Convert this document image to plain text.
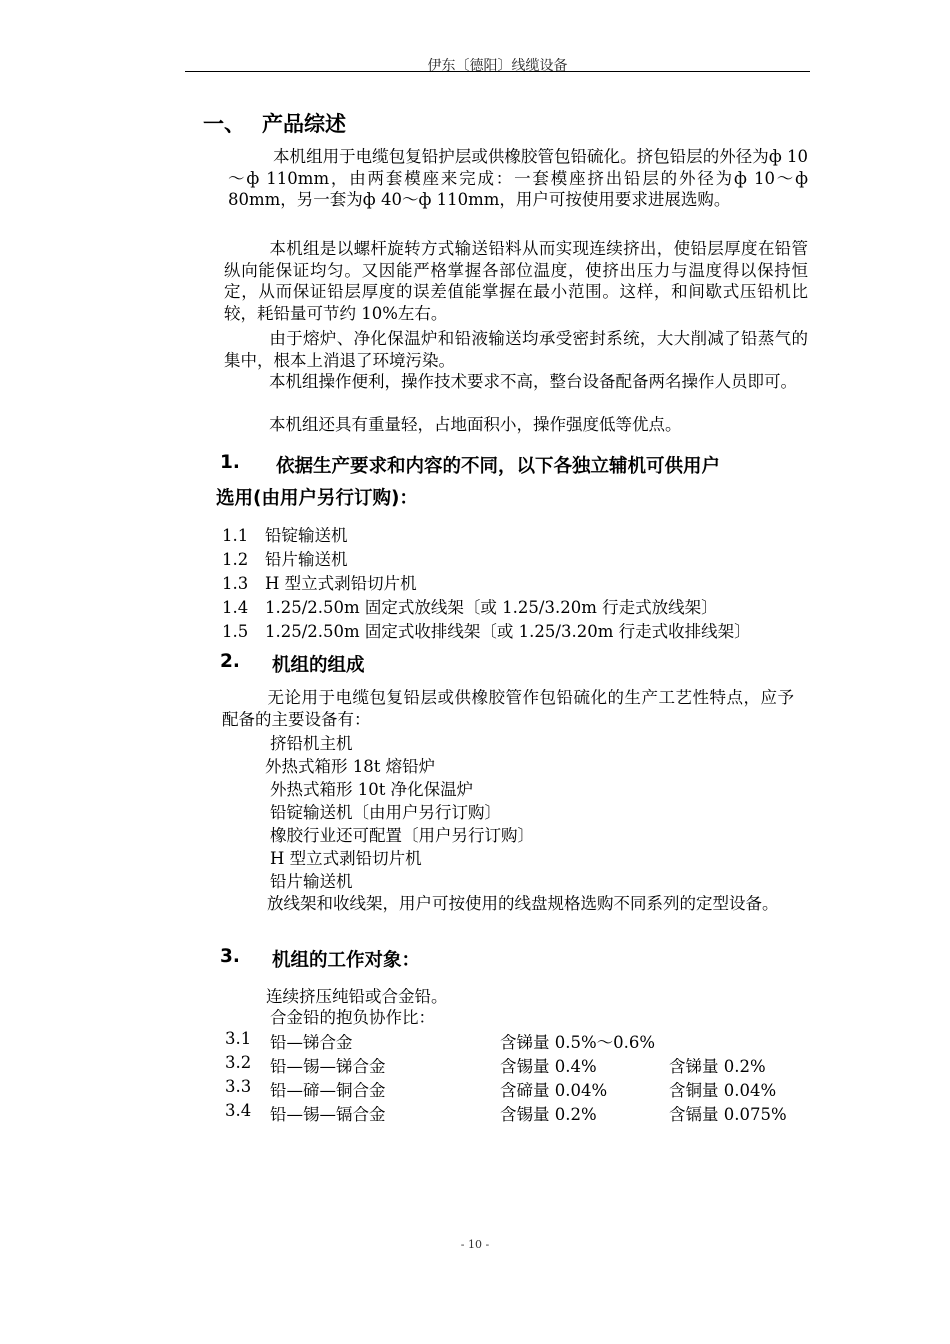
伊东〔德阳〕线缆设备
一、 产品综述
本机组用于电缆包复铅护层或供橡胶管包铅硫化。挤包铅层的外径为ф 10～ф 110mm，由两套模座来完成：一套模座挤出铅层的外径为ф 10～ф 80mm，另一套为ф 40～ф 110mm，用户可按使用要求进展选购。
本机组是以螺杆旋转方式输送铅料从而实现连续挤出，使铅层厚度在铅管纵向能保证均匀。又因能严格掌握各部位温度，使挤出压力与温度得以保持恒定，从而保证铅层厚度的误差值能掌握在最小范围。这样，和间歇式压铅机比较，耗铅量可节约 10%左右。
由于熔炉、净化保温炉和铅液输送均承受密封系统，大大削减了铅蒸气的集中，根本上消退了环境污染。
本机组操作便利，操作技术要求不高，整台设备配备两名操作人员即可。
本机组还具有重量轻，占地面积小，操作强度低等优点。
1. 依据生产要求和内容的不同，以下各独立辅机可供用户
选用(由用户另行订购)：
1.1 铅锭输送机
1.2 铅片输送机
1.3 H 型立式剥铅切片机
1.4 1.25/2.50m 固定式放线架〔或 1.25/3.20m 行走式放线架〕
1.5 1.25/2.50m 固定式收排线架〔或 1.25/3.20m 行走式收排线架〕
2. 机组的组成
无论用于电缆包复铅层或供橡胶管作包铅硫化的生产工艺性特点，应予配备的主要设备有：
挤铅机主机
外热式箱形 18t 熔铅炉
外热式箱形 10t 净化保温炉
铅锭输送机〔由用户另行订购〕
橡胶行业还可配置〔用户另行订购〕
H 型立式剥铅切片机
铅片输送机
放线架和收线架，用户可按使用的线盘规格选购不同系列的定型设备。
3. 机组的工作对象：
连续挤压纯铅或合金铅。
合金铅的抱负协作比：
3.1 铅—锑合金	含锑量 0.5%～0.6%
3.2 铅—锡—锑合金	含锡量 0.4%	含锑量 0.2%
3.3 铅—碲—铜合金	含碲量 0.04%	含铜量 0.04%
3.4 铅—锡—镉合金	含锡量 0.2%	含镉量 0.075%
- 10 -
